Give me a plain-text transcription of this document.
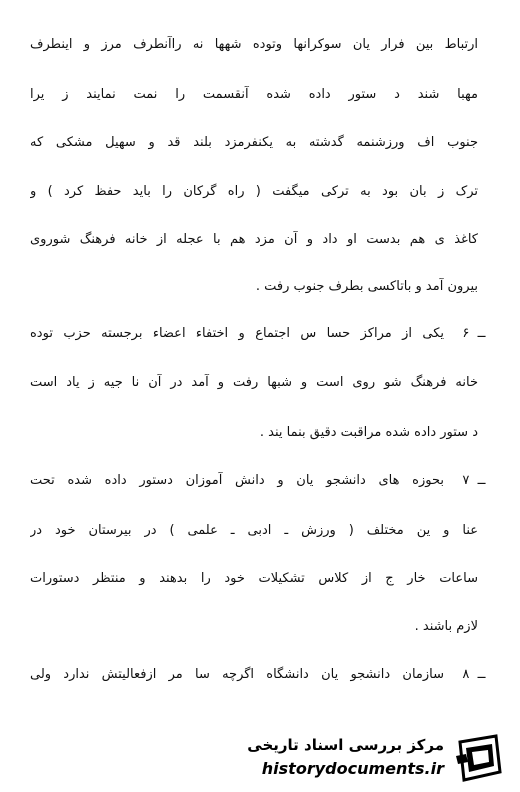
ارتباط بین فرار یان سوکرانها وتوده شهها نه راآنطرف مرز و اینطرف
مهبا شند د ستور داده شده آنقسمت را نمت نمایند ز یرا
جنوب اف ورزشنمه گدشته به یکنفرمزد بلند قد و سهیل مشکی که
ترک ز بان بود به ترکی میگفت ( راه گرکان را باید حفظ کرد ) و
کاغذ ی هم بدست او داد و آن مزد هم با عجله از خانه فرهنگ شوروی
بیرون آمد و باتاکسی بطرف جنوب رفت .
۶ ـ
یکی از مراکز حسا س اجتماع و اختفاء اعضاء برجسته حزب توده
خانه فرهنگ شو روی است و شبها رفت و آمد در آن نا جیه ز یاد است
د ستور داده شده مراقبت دقیق بنما یند .
۷ ـ
بحوزه های دانشجو یان و دانش آموزان دستور داده شده تحت
عنا و ین مختلف ( ورزش ـ ادبی ـ علمی ) در بیرستان خود در
ساعات خار ج از کلاس تشکیلات خود را بدهند و منتظر دستورات
لازم باشند .
۸ ـ
سازمان دانشجو یان دانشگاه اگرچه سا مر ازفعالیتش ندارد ولی
مرکز بررسی اسناد تاریخی
historydocuments.ir
